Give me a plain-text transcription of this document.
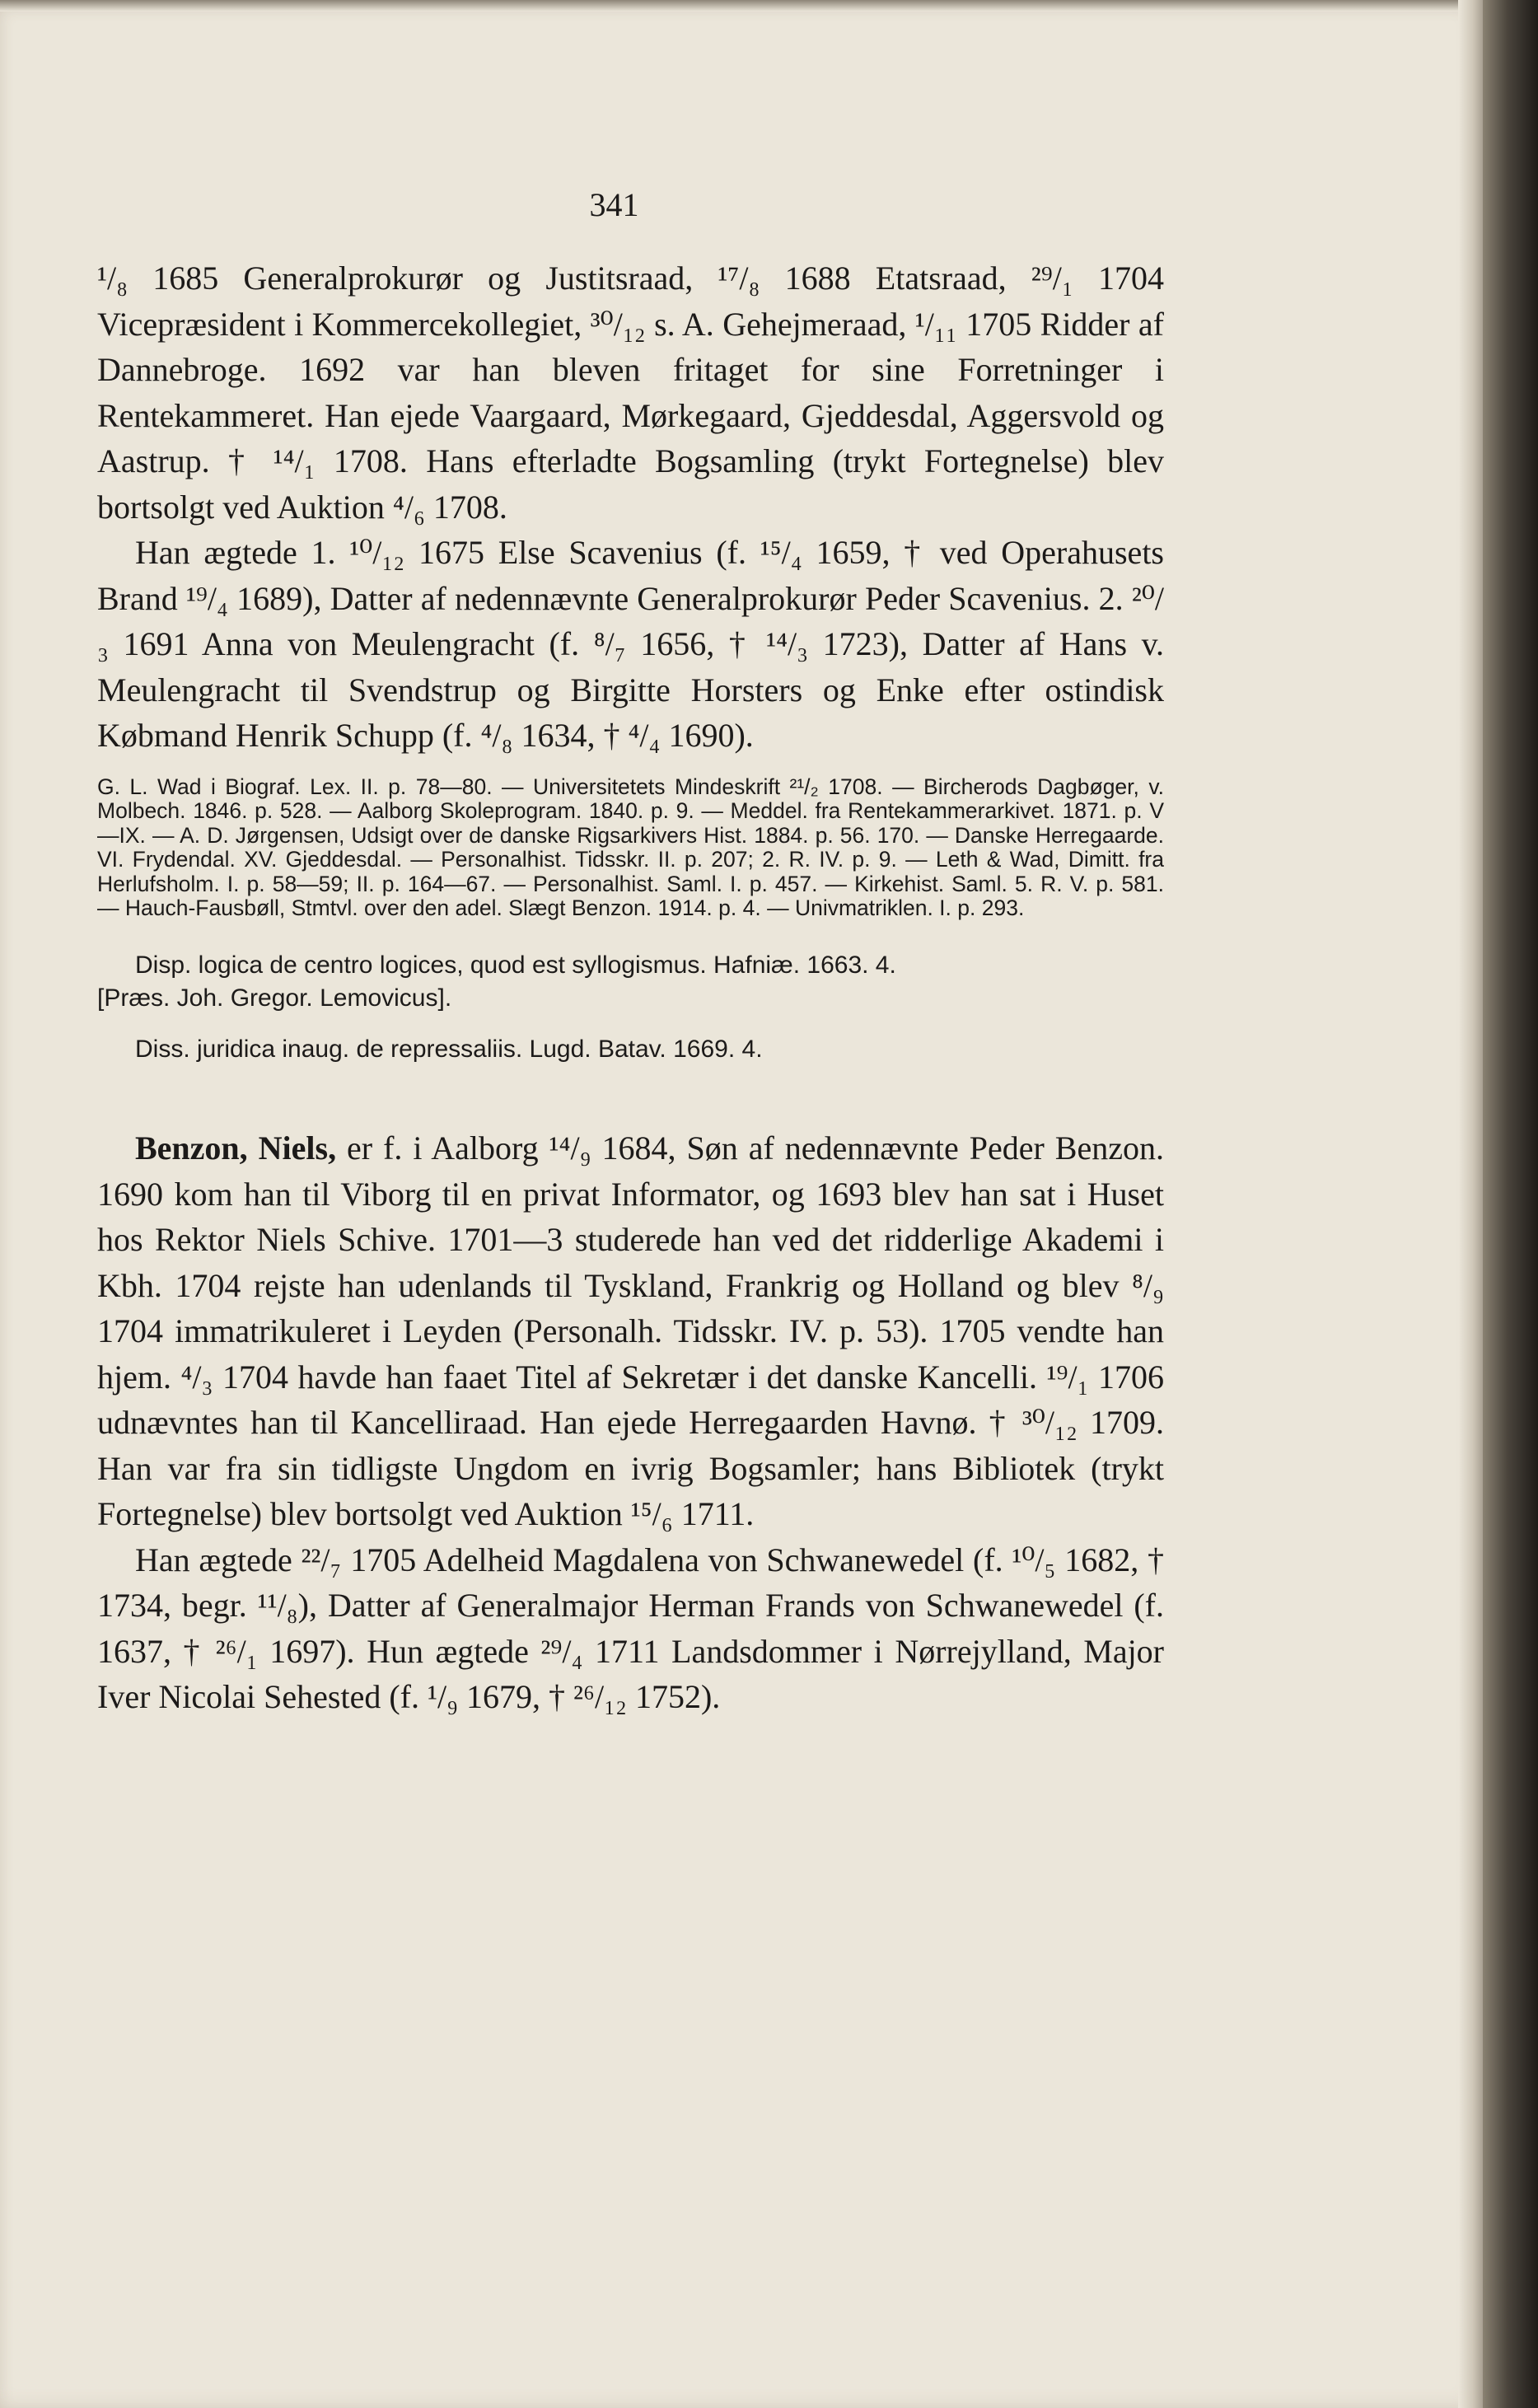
341

¹/₈ 1685 Generalprokurør og Justitsraad, ¹⁷/₈ 1688 Etatsraad, ²⁹/₁ 1704 Vicepræsident i Kommercekollegiet, ³⁰/₁₂ s. A. Gehejmeraad, ¹/₁₁ 1705 Ridder af Dannebroge. 1692 var han bleven fritaget for sine Forretninger i Rentekammeret. Han ejede Vaargaard, Mørkegaard, Gjeddesdal, Aggersvold og Aastrup. † ¹⁴/₁ 1708. Hans efterladte Bogsamling (trykt Fortegnelse) blev bortsolgt ved Auktion ⁴/₆ 1708.

Han ægtede 1. ¹⁰/₁₂ 1675 Else Scavenius (f. ¹⁵/₄ 1659, † ved Operahusets Brand ¹⁹/₄ 1689), Datter af nedennævnte Generalprokurør Peder Scavenius. 2. ²⁰/₃ 1691 Anna von Meulengracht (f. ⁸/₇ 1656, † ¹⁴/₃ 1723), Datter af Hans v. Meulengracht til Svendstrup og Birgitte Horsters og Enke efter ostindisk Købmand Henrik Schupp (f. ⁴/₈ 1634, † ⁴/₄ 1690).

G. L. Wad i Biograf. Lex. II. p. 78—80. — Universitetets Mindeskrift ²¹/₂ 1708. — Bircherods Dagbøger, v. Molbech. 1846. p. 528. — Aalborg Skoleprogram. 1840. p. 9. — Meddel. fra Rentekammerarkivet. 1871. p. V—IX. — A. D. Jørgensen, Udsigt over de danske Rigsarkivers Hist. 1884. p. 56. 170. — Danske Herregaarde. VI. Frydendal. XV. Gjeddesdal. — Personalhist. Tidsskr. II. p. 207; 2. R. IV. p. 9. — Leth & Wad, Dimitt. fra Herlufsholm. I. p. 58—59; II. p. 164—67. — Personalhist. Saml. I. p. 457. — Kirkehist. Saml. 5. R. V. p. 581. — Hauch-Fausbøll, Stmtvl. over den adel. Slægt Benzon. 1914. p. 4. — Univmatriklen. I. p. 293.

Disp. logica de centro logices, quod est syllogismus. Hafniæ. 1663. 4.
[Præs. Joh. Gregor. Lemovicus].
Diss. juridica inaug. de repressaliis. Lugd. Batav. 1669. 4.

Benzon, Niels, er f. i Aalborg ¹⁴/₉ 1684, Søn af nedennævnte Peder Benzon. 1690 kom han til Viborg til en privat Informator, og 1693 blev han sat i Huset hos Rektor Niels Schive. 1701—3 studerede han ved det ridderlige Akademi i Kbh. 1704 rejste han udenlands til Tyskland, Frankrig og Holland og blev ⁸/₉ 1704 immatrikuleret i Leyden (Personalh. Tidsskr. IV. p. 53). 1705 vendte han hjem. ⁴/₃ 1704 havde han faaet Titel af Sekretær i det danske Kancelli. ¹⁹/₁ 1706 udnævntes han til Kancelliraad. Han ejede Herregaarden Havnø. † ³⁰/₁₂ 1709. Han var fra sin tidligste Ungdom en ivrig Bogsamler; hans Bibliotek (trykt Fortegnelse) blev bortsolgt ved Auktion ¹⁵/₆ 1711.

Han ægtede ²²/₇ 1705 Adelheid Magdalena von Schwanewedel (f. ¹⁰/₅ 1682, † 1734, begr. ¹¹/₈), Datter af Generalmajor Herman Frands von Schwanewedel (f. 1637, † ²⁶/₁ 1697). Hun ægtede ²⁹/₄ 1711 Landsdommer i Nørrejylland, Major Iver Nicolai Sehested (f. ¹/₉ 1679, † ²⁶/₁₂ 1752).
